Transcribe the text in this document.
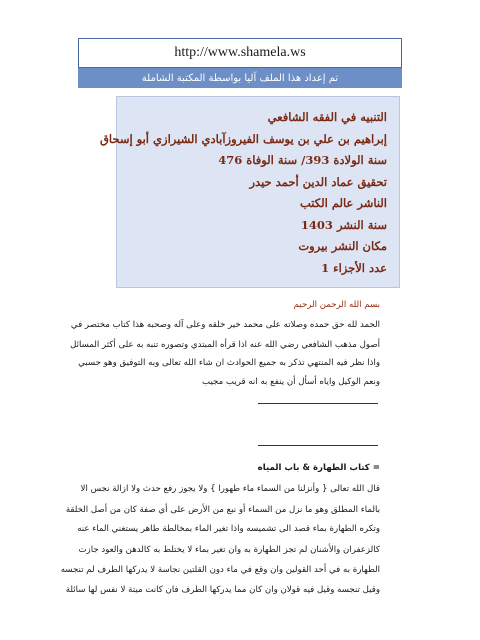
http://www.shamela.ws
تم إعداد هذا الملف آليا بواسطة المكتبة الشاملة
التنبيه في الفقه الشافعي
إبراهيم بن علي بن يوسف الفيروزآبادي الشيرازي أبو إسحاق
سنة الولادة 393/ سنة الوفاة 476
تحقيق عماد الدين أحمد حيدر
الناشر عالم الكتب
سنة النشر 1403
مكان النشر بيروت
عدد الأجزاء 1
بسم الله الرحمن الرحيم
الحمد لله حق حمده وصلاته على محمد خير خلقه وعلى آله وصحبه هذا كتاب مختصر في
أصول مذهب الشافعي رضي الله عنه اذا قرأه المبتدي وتصوره تنبه به على أكثر المسائل
واذا نظر فيه المنتهي تذكر به جميع الحوادث ان شاء الله تعالى وبه التوفيق وهو حسبي
ونعم الوكيل واياه أسأل أن ينفع به انه قريب مجيب
= كتاب الطهارة & باب المياه
قال الله تعالى { وأنزلنا من السماء ماء طهورا } ولا يجوز رفع حدث ولا ازالة نجس الا
بالماء المطلق وهو ما نزل من السماء أو نبع من الأرض على أي صفة كان من أصل الخلقة
وتكره الطهارة بماء قصد الى تشميسه واذا تغير الماء بمخالطة طاهر يستغني الماء عنه
كالزعفران والأشنان لم تجز الطهارة به وان تغير بماء لا يختلط به كالدهن والعود جازت
الطهارة به في أحد القولين وان وقع في ماء دون القلتين نجاسة لا يدركها الطرف لم تنجسه
وقيل تنجسه وقيل فيه قولان وان كان مما يدركها الطرف فان كانت ميتة لا نفس لها سائلة
